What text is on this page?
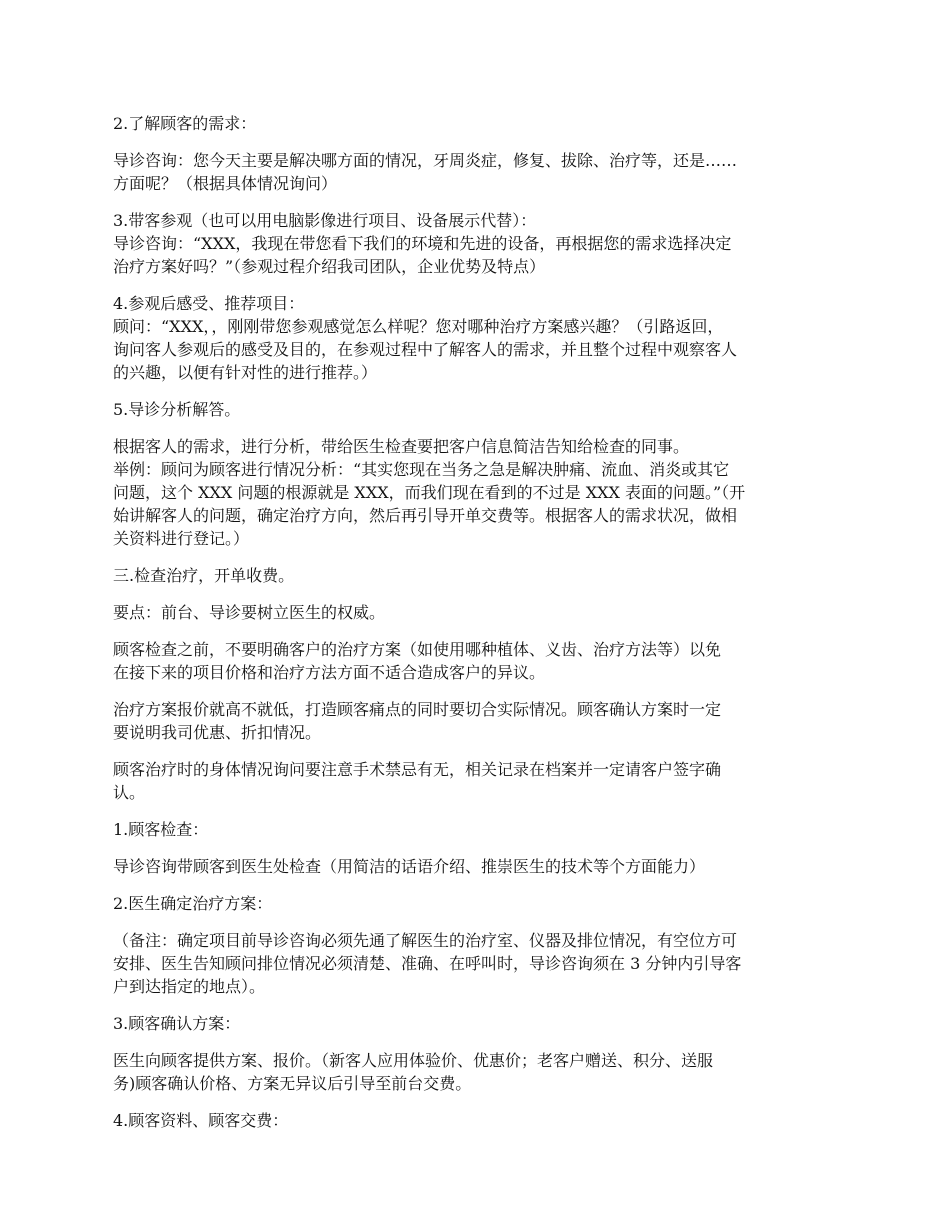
2.了解顾客的需求：
导诊咨询：您今天主要是解决哪方面的情况，牙周炎症，修复、拔除、治疗等，还是……
方面呢？（根据具体情况询问）
3.带客参观（也可以用电脑影像进行项目、设备展示代替）：
导诊咨询：“XXX，我现在带您看下我们的环境和先进的设备，再根据您的需求选择决定
治疗方案好吗？”（参观过程介绍我司团队，企业优势及特点）
4.参观后感受、推荐项目：
顾问：“XXX，，刚刚带您参观感觉怎么样呢？您对哪种治疗方案感兴趣？（引路返回，
询问客人参观后的感受及目的，在参观过程中了解客人的需求，并且整个过程中观察客人
的兴趣，以便有针对性的进行推荐。）
5.导诊分析解答。
根据客人的需求，进行分析，带给医生检查要把客户信息简洁告知给检查的同事。
举例：顾问为顾客进行情况分析：“其实您现在当务之急是解决肿痛、流血、消炎或其它
问题，这个 XXX 问题的根源就是 XXX，而我们现在看到的不过是 XXX 表面的问题。”（开
始讲解客人的问题，确定治疗方向，然后再引导开单交费等。根据客人的需求状况，做相
关资料进行登记。）
三.检查治疗，开单收费。
要点：前台、导诊要树立医生的权威。
顾客检查之前，不要明确客户的治疗方案（如使用哪种植体、义齿、治疗方法等）以免
在接下来的项目价格和治疗方法方面不适合造成客户的异议。
治疗方案报价就高不就低，打造顾客痛点的同时要切合实际情况。顾客确认方案时一定
要说明我司优惠、折扣情况。
顾客治疗时的身体情况询问要注意手术禁忌有无，相关记录在档案并一定请客户签字确
认。
1.顾客检查：
导诊咨询带顾客到医生处检查（用简洁的话语介绍、推崇医生的技术等个方面能力）
2.医生确定治疗方案：
（备注：确定项目前导诊咨询必须先通了解医生的治疗室、仪器及排位情况，有空位方可
安排、医生告知顾问排位情况必须清楚、准确、在呼叫时，导诊咨询须在 3 分钟内引导客
户到达指定的地点）。
3.顾客确认方案：
医生向顾客提供方案、报价。（新客人应用体验价、优惠价；老客户赠送、积分、送服
务)顾客确认价格、方案无异议后引导至前台交费。
4.顾客资料、顾客交费：
